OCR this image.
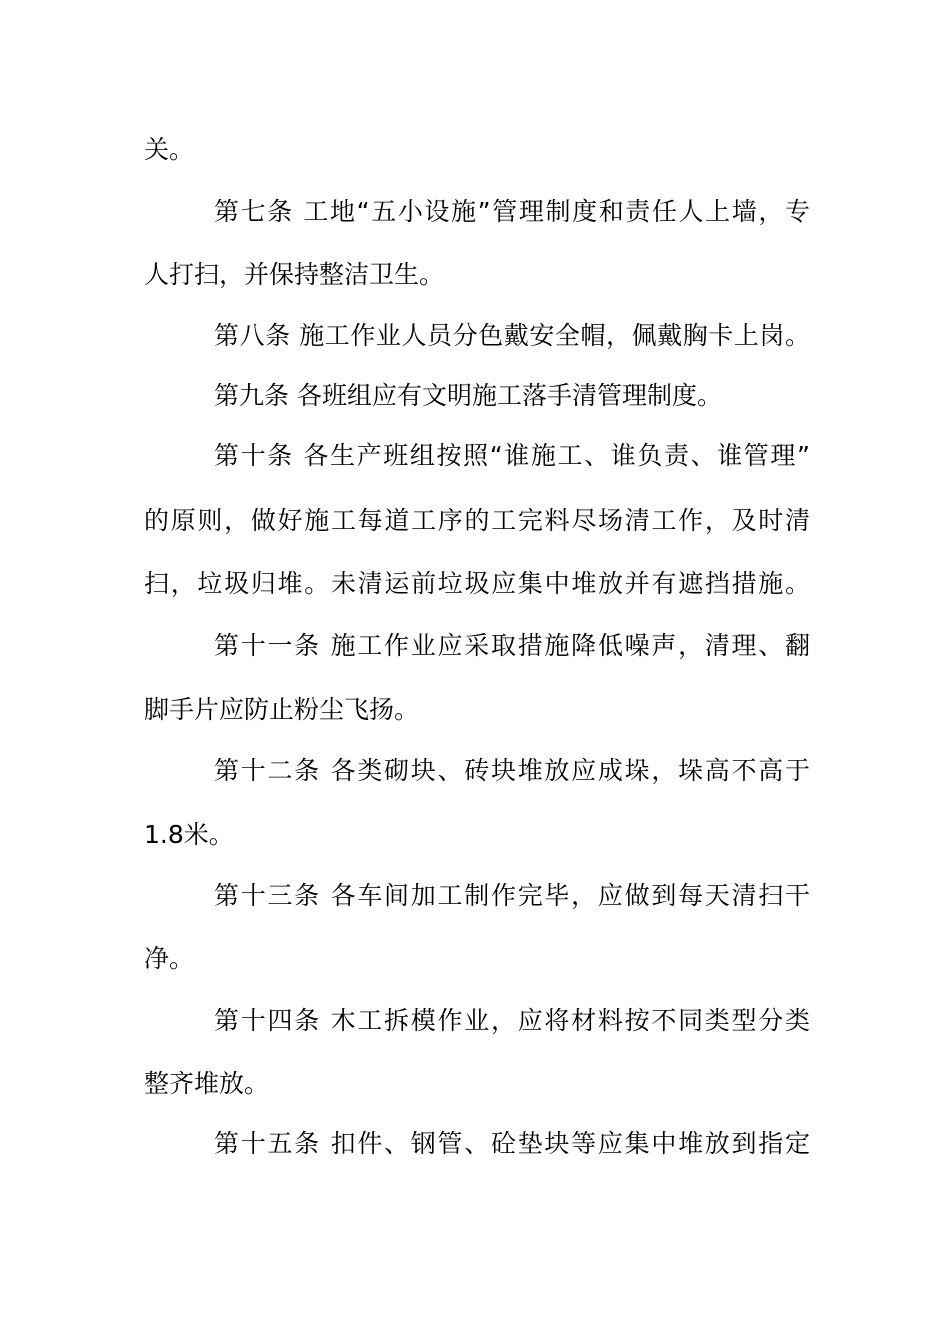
关。
第七条 工地“五小设施”管理制度和责任人上墙，专
人打扫，并保持整洁卫生。
第八条 施工作业人员分色戴安全帽，佩戴胸卡上岗。
第九条 各班组应有文明施工落手清管理制度。
第十条 各生产班组按照“谁施工、谁负责、谁管理”
的原则，做好施工每道工序的工完料尽场清工作，及时清
扫，垃圾归堆。未清运前垃圾应集中堆放并有遮挡措施。
第十一条 施工作业应采取措施降低噪声，清理、翻
脚手片应防止粉尘飞扬。
第十二条 各类砌块、砖块堆放应成垛，垛高不高于
1.8米。
第十三条 各车间加工制作完毕，应做到每天清扫干
净。
第十四条 木工拆模作业，应将材料按不同类型分类
整齐堆放。
第十五条 扣件、钢管、砼垫块等应集中堆放到指定
